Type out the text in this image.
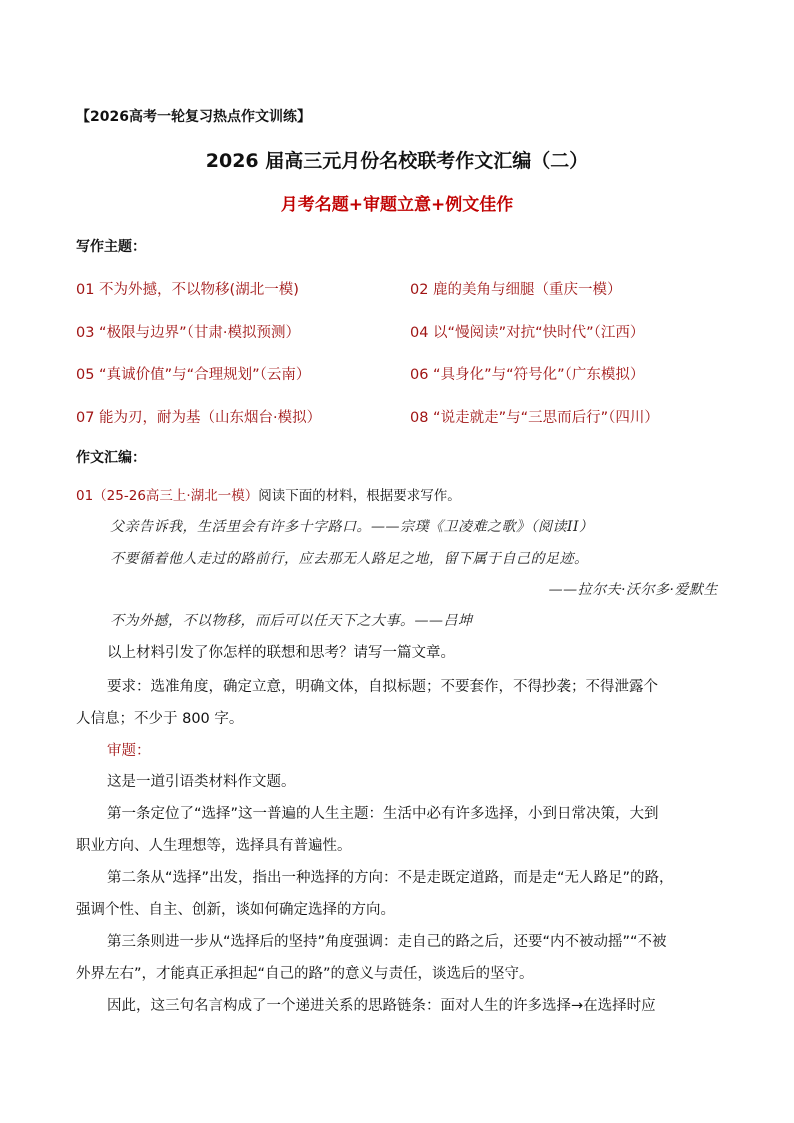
【2026高考一轮复习热点作文训练】
2026 届高三元月份名校联考作文汇编（二）
月考名题+审题立意+例文佳作
写作主题：
01 不为外撼，不以物移(湖北一模)	02 鹿的美角与细腿（重庆一模）
03 “极限与边界”（甘肃·模拟预测）	04 以“慢阅读”对抗“快时代”（江西）
05 “真诚价值”与“合理规划”（云南）	06 “具身化”与“符号化”（广东模拟）
07 能为刃，耐为基（山东烟台·模拟）	08 “说走就走”与“三思而后行”（四川）
作文汇编：
01（25-26高三上·湖北一模）阅读下面的材料，根据要求写作。
父亲告诉我，生活里会有许多十字路口。——宗璞《卫凌难之歌》（阅读II）
不要循着他人走过的路前行，应去那无人路足之地，留下属于自己的足迹。
——拉尔夫·沃尔多·爱默生
不为外撼，不以物移，而后可以任天下之大事。——吕坤
以上材料引发了你怎样的联想和思考？请写一篇文章。
要求：选准角度，确定立意，明确文体，自拟标题；不要套作，不得抄袭；不得泄露个
人信息；不少于 800 字。
审题：
这是一道引语类材料作文题。
第一条定位了“选择”这一普遍的人生主题：生活中必有许多选择，小到日常决策，大到
职业方向、人生理想等，选择具有普遍性。
第二条从“选择”出发，指出一种选择的方向：不是走既定道路，而是走“无人路足”的路，
强调个性、自主、创新，谈如何确定选择的方向。
第三条则进一步从“选择后的坚持”角度强调：走自己的路之后，还要“内不被动摇”“不被
外界左右”，才能真正承担起“自己的路”的意义与责任，谈选后的坚守。
因此，这三句名言构成了一个递进关系的思路链条：面对人生的许多选择→在选择时应
